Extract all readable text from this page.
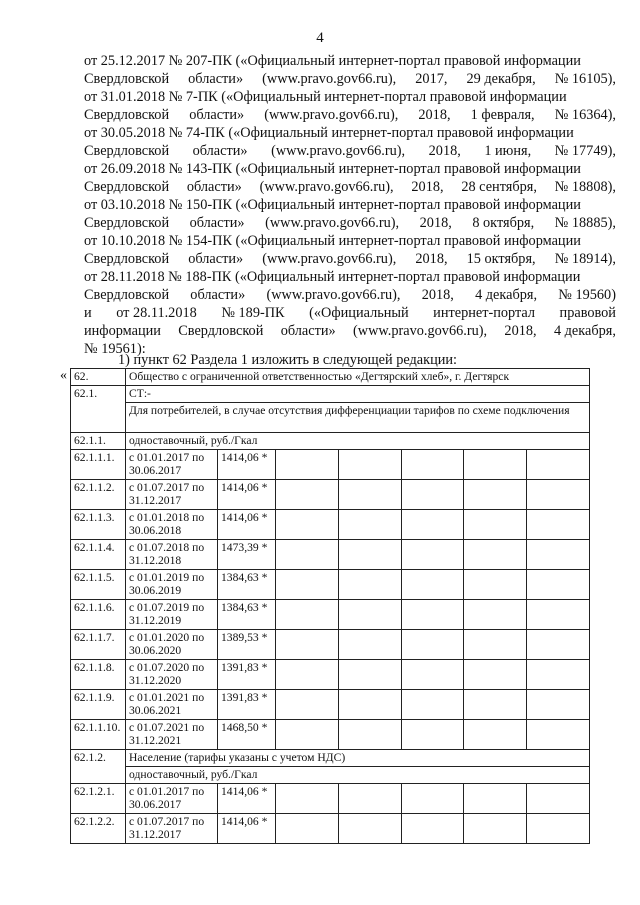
4
от 25.12.2017 № 207-ПК («Официальный интернет-портал правовой информации
Свердловской области» (www.pravo.gov66.ru), 2017, 29 декабря, № 16105),
от 31.01.2018 № 7-ПК («Официальный интернет-портал правовой информации
Свердловской области» (www.pravo.gov66.ru), 2018, 1 февраля, № 16364),
от 30.05.2018 № 74-ПК («Официальный интернет-портал правовой информации
Свердловской области» (www.pravo.gov66.ru), 2018, 1 июня, № 17749),
от 26.09.2018 № 143-ПК («Официальный интернет-портал правовой информации
Свердловской области» (www.pravo.gov66.ru), 2018, 28 сентября, № 18808),
от 03.10.2018 № 150-ПК («Официальный интернет-портал правовой информации
Свердловской области» (www.pravo.gov66.ru), 2018, 8 октября, № 18885),
от 10.10.2018 № 154-ПК («Официальный интернет-портал правовой информации
Свердловской области» (www.pravo.gov66.ru), 2018, 15 октября, № 18914),
от 28.11.2018 № 188-ПК («Официальный интернет-портал правовой информации
Свердловской области» (www.pravo.gov66.ru), 2018, 4 декабря, № 19560)
и от 28.11.2018 № 189-ПК («Официальный интернет-портал правовой
информации Свердловской области» (www.pravo.gov66.ru), 2018, 4 декабря,
№ 19561):
1) пункт 62 Раздела 1 изложить в следующей редакции:
« 62.	Общество с ограниченной ответственностью «Дегтярский хлеб», г. Дегтярск						
62.1.	СТ:-						
	Для потребителей, в случае отсутствия дифференциации тарифов по схеме подключения						
62.1.1.	одноставочный, руб./Гкал						
62.1.1.1.	с 01.01.2017 по 30.06.2017	1414,06 *					
62.1.1.2.	с 01.07.2017 по 31.12.2017	1414,06 *					
62.1.1.3.	с 01.01.2018 по 30.06.2018	1414,06 *					
62.1.1.4.	с 01.07.2018 по 31.12.2018	1473,39 *					
62.1.1.5.	с 01.01.2019 по 30.06.2019	1384,63 *					
62.1.1.6.	с 01.07.2019 по 31.12.2019	1384,63 *					
62.1.1.7.	с 01.01.2020 по 30.06.2020	1389,53 *					
62.1.1.8.	с 01.07.2020 по 31.12.2020	1391,83 *					
62.1.1.9.	с 01.01.2021 по 30.06.2021	1391,83 *					
62.1.1.10.	с 01.07.2021 по 31.12.2021	1468,50 *					
62.1.2.	Население (тарифы указаны с учетом НДС)						
	одноставочный, руб./Гкал						
62.1.2.1.	с 01.01.2017 по 30.06.2017	1414,06 *					
62.1.2.2.	с 01.07.2017 по 31.12.2017	1414,06 *					
